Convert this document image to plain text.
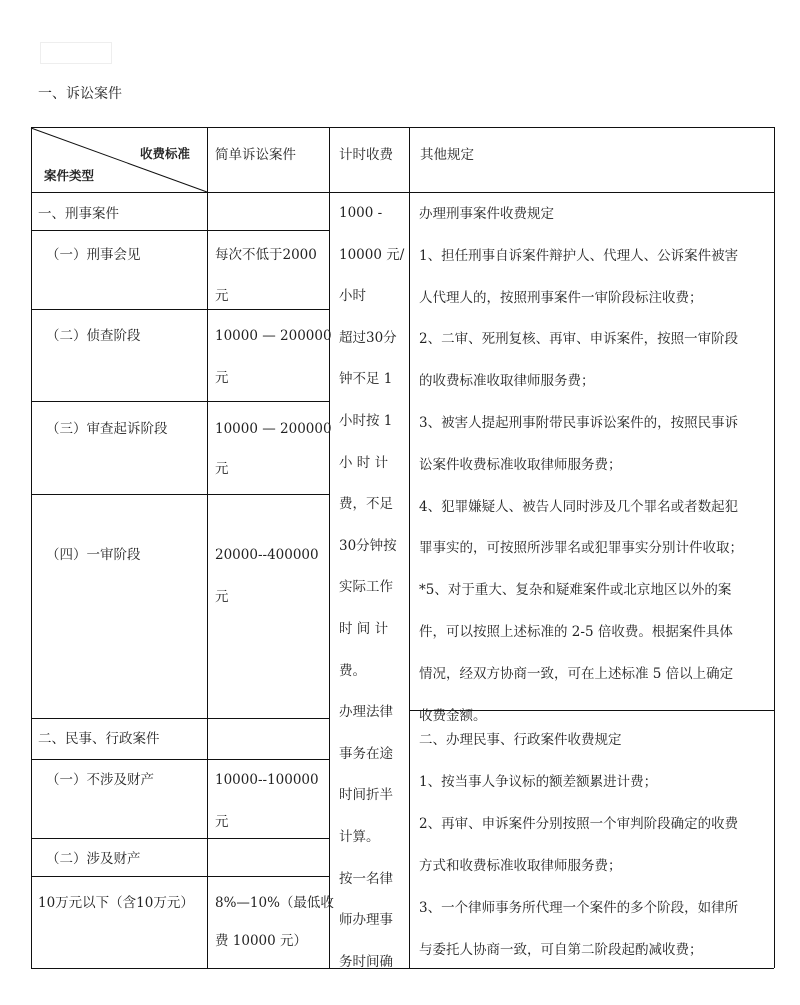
一、诉讼案件
收费标准
案件类型
简单诉讼案件	计时收费 其他规定
一、刑事案件
（一）刑事会见
（二）侦查阶段
（三）审查起诉阶段
（四）一审阶段
二、民事、行政案件
（一）不涉及财产
（二）涉及财产
10万元以下（含10万元）
每次不低于2000
元
10000 — 200000
元
10000 — 200000
元
20000--400000
元
10000--100000
元
8%—10%（最低收
费 10000 元）
1000 -
10000 元/
小时
超过30分
钟不足 1
小时按 1
小 时 计
费，不足
30分钟按
实际工作
时 间 计
费。
办理法律
事务在途
时间折半
计算。
按一名律
师办理事
务时间确
办理刑事案件收费规定
1、担任刑事自诉案件辩护人、代理人、公诉案件被害
人代理人的，按照刑事案件一审阶段标注收费；
2、二审、死刑复核、再审、申诉案件，按照一审阶段
的收费标准收取律师服务费；
3、被害人提起刑事附带民事诉讼案件的，按照民事诉
讼案件收费标准收取律师服务费；
4、犯罪嫌疑人、被告人同时涉及几个罪名或者数起犯
罪事实的，可按照所涉罪名或犯罪事实分别计件收取；
*5、对于重大、复杂和疑难案件或北京地区以外的案
件，可以按照上述标准的 2-5 倍收费。根据案件具体
情况，经双方协商一致，可在上述标准 5 倍以上确定
收费金额。
二、办理民事、行政案件收费规定
1、按当事人争议标的额差额累进计费；
2、再审、申诉案件分别按照一个审判阶段确定的收费
方式和收费标准收取律师服务费；
3、一个律师事务所代理一个案件的多个阶段，如律所
与委托人协商一致，可自第二阶段起酌减收费；
